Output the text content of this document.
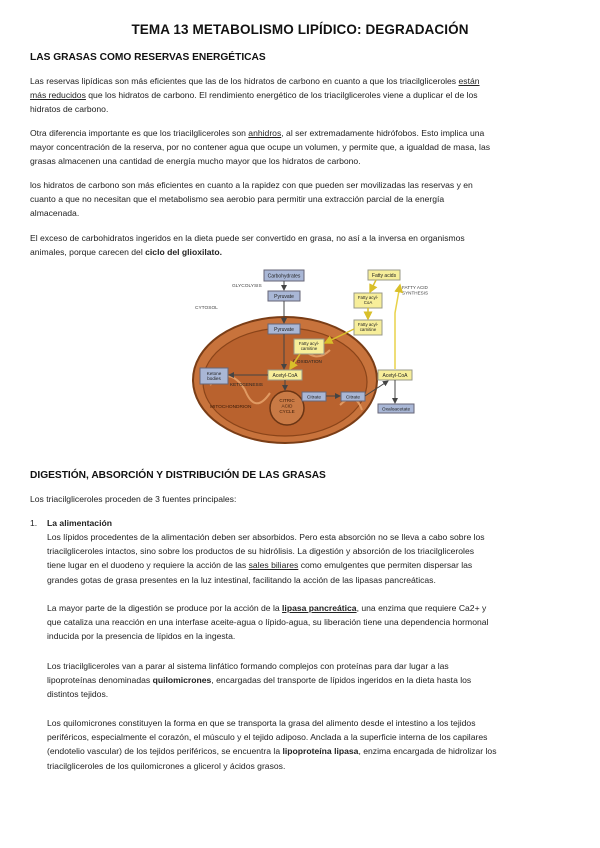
TEMA 13 METABOLISMO LIPÍDICO: DEGRADACIÓN
LAS GRASAS COMO RESERVAS ENERGÉTICAS

Las reservas lipídicas son más eficientes que las de los hidratos de carbono en cuanto a que los triacilgliceroles están
más reducidos que los hidratos de carbono. El rendimiento energético de los triacilgliceroles viene a duplicar el de los
hidratos de carbono.

Otra diferencia importante es que los triacilgliceroles son anhidros, al ser extremadamente hidrófobos. Esto implica una
mayor concentración de la reserva, por no contener agua que ocupe un volumen, y permite que, a igualdad de masa, las
grasas almacenen una cantidad de energía mucho mayor que los hidratos de carbono.

los hidratos de carbono son más eficientes en cuanto a la rapidez con que pueden ser movilizadas las reservas y en
cuanto a que no necesitan que el metabolismo sea aerobio para permitir una extracción parcial de la energía
almacenada.

El exceso de carbohidratos ingeridos en la dieta puede ser convertido en grasa, no así a la inversa en organismos
animales, porque carecen del ciclo del glioxilato.

CITRIC ACID CYCLE
Carbohydrates
GLYCOLYSIS
Pyruvate
CYTOSOL
Pyruvate
Fatty acyl-carnitine
β OXIDATION
Acetyl-CoA
Ketone bodies
KETOGENESIS
MITOCHONDRION
Citrate	Citrate
Fatty acids
FATTY ACID SYNTHESIS
Fatty acyl-CoA
Fatty acyl-carnitine
Acetyl-CoA
Oxaloacetate
DIGESTIÓN, ABSORCIÓN Y DISTRIBUCIÓN DE LAS GRASAS

Los triacilgliceroles proceden de 3 fuentes principales:

1. La alimentación

Los lípidos procedentes de la alimentación deben ser absorbidos. Pero esta absorción no se lleva a cabo sobre los
triacilgliceroles intactos, sino sobre los productos de su hidrólisis. La digestión y absorción de los triacilgliceroles
tiene lugar en el duodeno y requiere la acción de las sales biliares como emulgentes que permiten dispersar las
grandes gotas de grasa presentes en la luz intestinal, facilitando la acción de las lipasas pancreáticas.

La mayor parte de la digestión se produce por la acción de la lipasa pancreática, una enzima que requiere Ca2+ y
que cataliza una reacción en una interfase aceite-agua o lípido-agua, su liberación tiene una dependencia hormonal
inducida por la presencia de lípidos en la ingesta.

Los triacilgliceroles van a parar al sistema linfático formando complejos con proteínas para dar lugar a las
lipoproteínas denominadas quilomicrones, encargadas del transporte de lípidos ingeridos en la dieta hasta los
distintos tejidos.

Los quilomicrones constituyen la forma en que se transporta la grasa del alimento desde el intestino a los tejidos
periféricos, especialmente el corazón, el músculo y el tejido adiposo. Anclada a la superficie interna de los capilares
(endotelio vascular) de los tejidos periféricos, se encuentra la lipoproteína lipasa, enzima encargada de hidrolizar los
triacilgliceroles de los quilomicrones a glicerol y ácidos grasos.
